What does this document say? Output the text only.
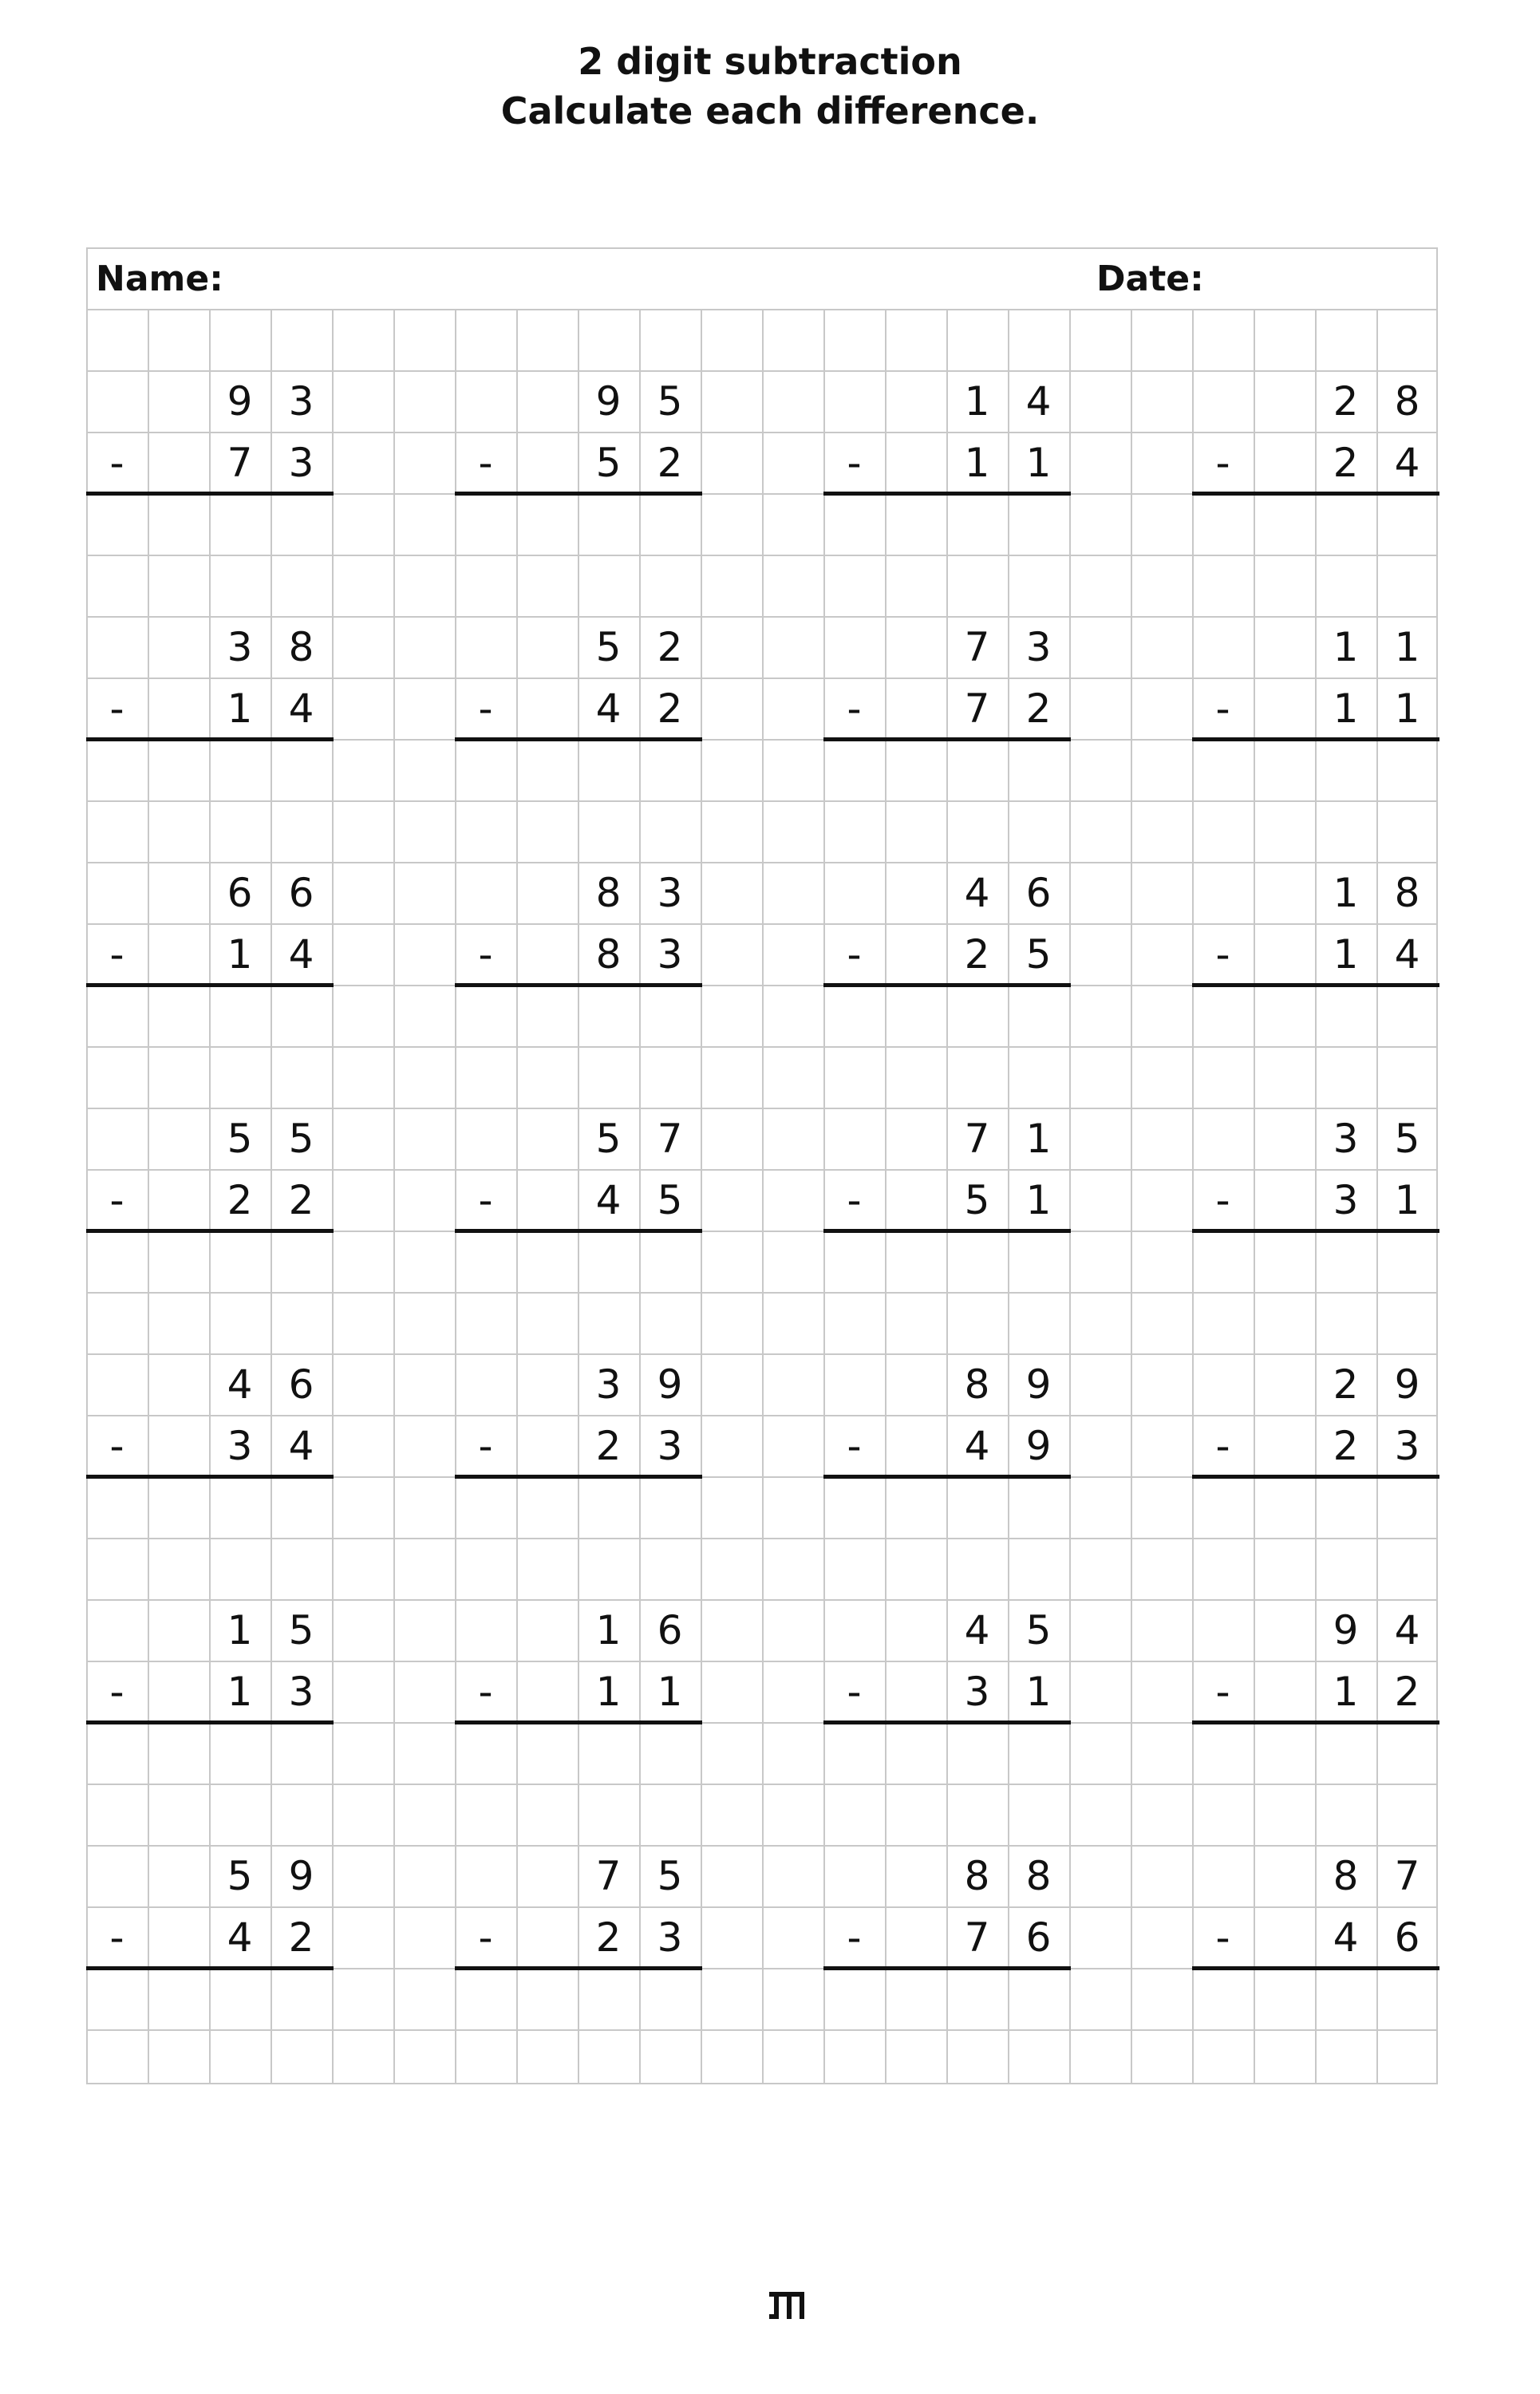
2 digit subtraction
Calculate each difference.
Name:	Date:
9 3
-	7 3
9 5
-	5 2
1 4
-	1 1
2 8
-	2 4
3 8
-	1 4
5 2
-	4 2
7 3
-	7 2
1 1
-	1 1
6 6
-	1 4
8 3
-	8 3
4 6
-	2 5
1 8
-	1 4
5 5
-	2 2
5 7
-	4 5
7 1
-	5 1
3 5
-	3 1
4 6
-	3 4
3 9
-	2 3
8 9
-	4 9
2 9
-	2 3
1 5
-	1 3
1 6
-	1 1
4 5
-	3 1
9 4
-	1 2
5 9
-	4 2
7 5
-	2 3
8 8
-	7 6
8 7
-	4 6
